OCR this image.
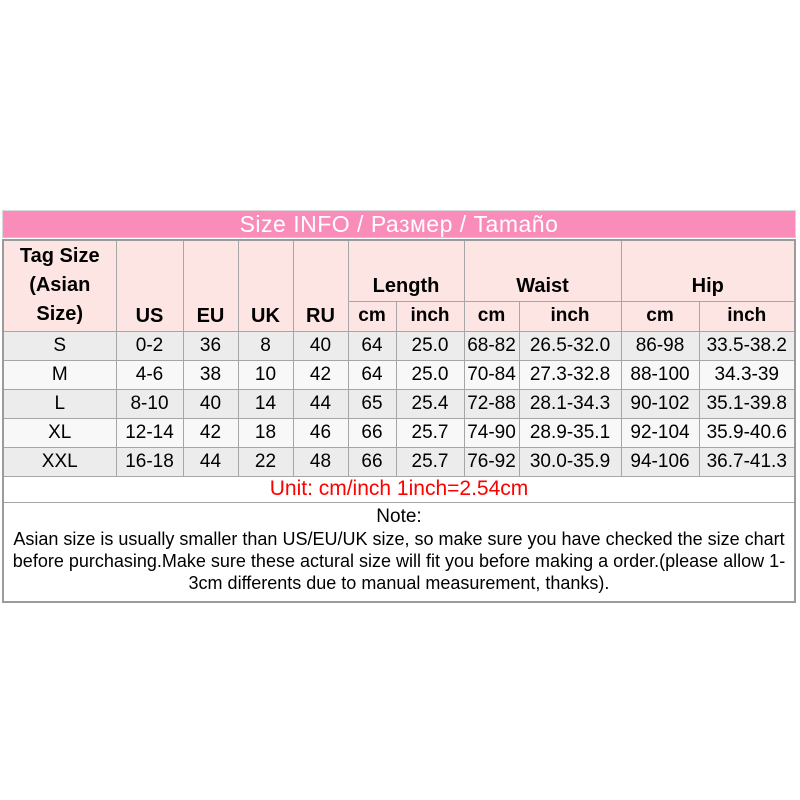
Size INFO / Размер / Tamaño
Tag Size (Asian Size)	US	EU	UK	RU	Length		Waist		Hip	
					cm	inch	cm	inch	cm	inch
S	0-2	36	8	40	64	25.0	68-82	26.5-32.0	86-98	33.5-38.2
M	4-6	38	10	42	64	25.0	70-84	27.3-32.8	88-100	34.3-39
L	8-10	40	14	44	65	25.4	72-88	28.1-34.3	90-102	35.1-39.8
XL	12-14	42	18	46	66	25.7	74-90	28.9-35.1	92-104	35.9-40.6
XXL	16-18	44	22	48	66	25.7	76-92	30.0-35.9	94-106	36.7-41.3
Unit: cm/inch 1inch=2.54cm										

Note:
Asian size is usually smaller than US/EU/UK size, so make sure you have checked the size chart before purchasing.Make sure these actural size will fit you before making a order.(please allow 1-3cm differents due to manual measurement, thanks).										
